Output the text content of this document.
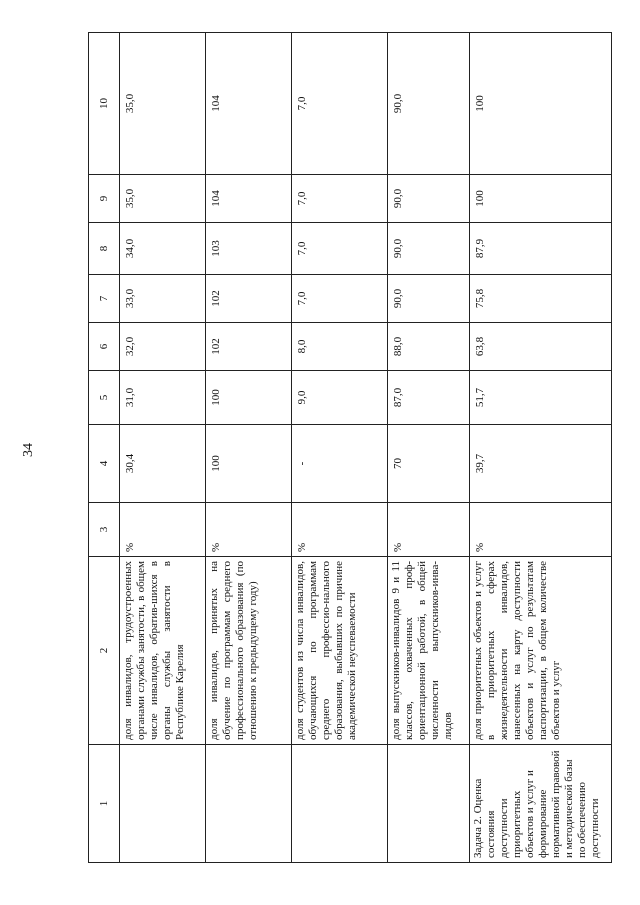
34
1	2	3	4	5	6	7	8	9	10
	доля инвалидов, трудоустроенных органами службы занятости, в общем числе инвалидов, обратив-шихся в органы службы занятости в Республике Карелия	%	30,4	31,0	32,0	33,0	34,0	35,0	35,0
	доля инвалидов, принятых на обучение по программам среднего профессионального образования (по отношению к предыдущему году)	%	100	100	102	102	103	104	104
	доля студентов из числа инвалидов, обучающихся по программам среднего профессио-нального образования, выбывших по причине академической неуспеваемости	%	-	9,0	8,0	7,0	7,0	7,0	7,0
	доля выпускников-инвалидов 9 и 11 классов, охваченных проф-ориентационной работой, в общей численности выпускников-инва-лидов	%	70	87,0	88,0	90,0	90,0	90,0	90,0
Задача 2. Оценка состояния доступности приоритетных объектов и услуг и формирование нормативной правовой и методической базы по обеспечению доступности	доля приоритетных объектов и услуг в приоритетных сферах жизнедеятельности инвалидов, нанесенных на карту доступности объектов и услуг по результатам паспортизации, в общем количестве объектов и услуг	%	39,7	51,7	63,8	75,8	87,9	100	100
